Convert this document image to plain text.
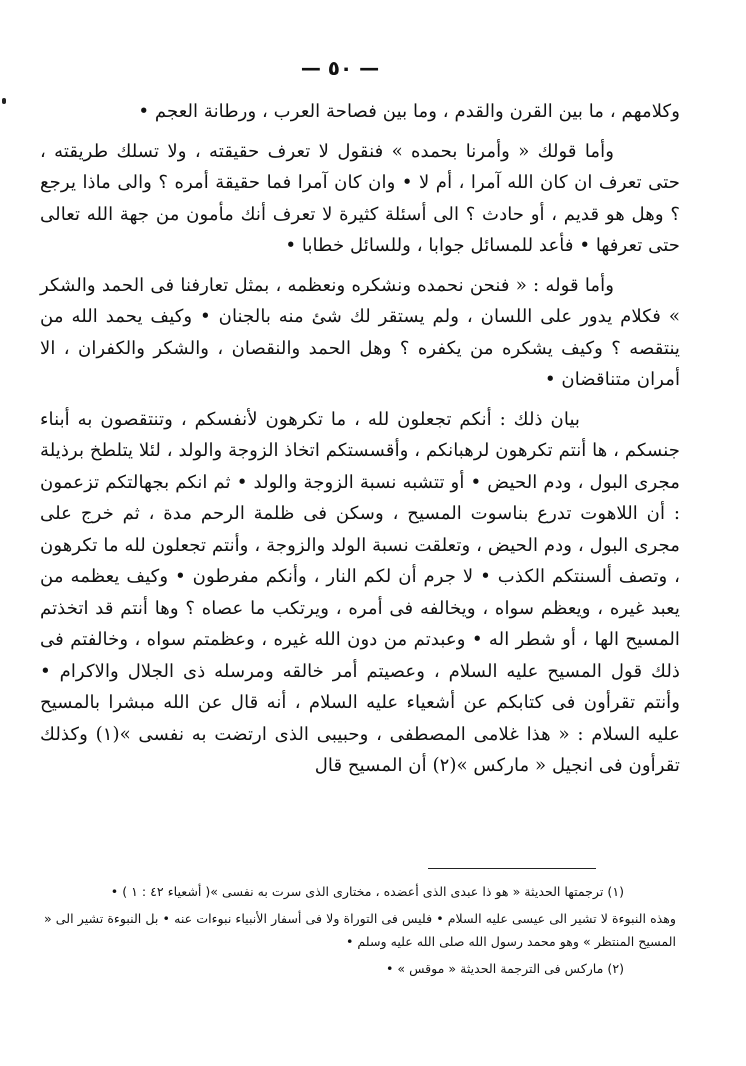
— ٥٠ —

وكلامهم ، ما بين القرن والقدم ، وما بين فصاحة العرب ، ورطانة العجم •

وأما قولك « وأمرنا بحمده » فنقول لا تعرف حقيقته ، ولا تسلك طريقته ، حتى تعرف ان كان الله آمرا ، أم لا • وان كان آمرا فما حقيقة أمره ؟ والى ماذا يرجع ؟ وهل هو قديم ، أو حادث ؟ الى أسئلة كثيرة لا تعرف أنك مأمون من جهة الله تعالى حتى تعرفها • فأعد للمسائل جوابا ، وللسائل خطابا •

وأما قوله : « فنحن نحمده ونشكره ونعظمه ، بمثل تعارفنا فى الحمد والشكر » فكلام يدور على اللسان ، ولم يستقر لك شئ منه بالجنان • وكيف يحمد الله من ينتقصه ؟ وكيف يشكره من يكفره ؟ وهل الحمد والنقصان ، والشكر والكفران ، الا أمران متناقضان •

بيان ذلك : أنكم تجعلون لله ، ما تكرهون لأنفسكم ، وتنتقصون به أبناء جنسكم ، ها أنتم تكرهون لرهبانكم ، وأقسستكم اتخاذ الزوجة والولد ، لئلا يتلطخ برذيلة مجرى البول ، ودم الحيض • أو تتشبه نسبة الزوجة والولد • ثم انكم بجهالتكم تزعمون : أن اللاهوت تدرع بناسوت المسيح ، وسكن فى ظلمة الرحم مدة ، ثم خرج على مجرى البول ، ودم الحيض ، وتعلقت نسبة الولد والزوجة ، وأنتم تجعلون لله ما تكرهون ، وتصف ألسنتكم الكذب • لا جرم أن لكم النار ، وأنكم مفرطون • وكيف يعظمه من يعبد غيره ، ويعظم سواه ، ويخالفه فى أمره ، ويرتكب ما عصاه ؟ وها أنتم قد اتخذتم المسيح الها ، أو شطر اله • وعبدتم من دون الله غيره ، وعظمتم سواه ، وخالفتم فى ذلك قول المسيح عليه السلام ، وعصيتم أمر خالقه ومرسله ذى الجلال والاكرام • وأنتم تقرأون فى كتابكم عن أشعياء عليه السلام ، أنه قال عن الله مبشرا بالمسيح عليه السلام : « هذا غلامى المصطفى ، وحبيبى الذى ارتضت به نفسى »(١) وكذلك تقرأون فى انجيل « ماركس »(٢) أن المسيح قال

(١) ترجمتها الحديثة « هو ذا عبدى الذى أعضده ، مختارى الذى سرت به نفسى »( أشعياء ٤٢ : ١ ) •

وهذه النبوءة لا تشير الى عيسى عليه السلام • فليس فى التوراة ولا فى أسفار الأنبياء نبوءات عنه • بل النبوءة تشير الى « المسيح المنتظر » وهو محمد رسول الله صلى الله عليه وسلم •

(٢) ماركس فى الترجمة الحديثة « موقس » •
